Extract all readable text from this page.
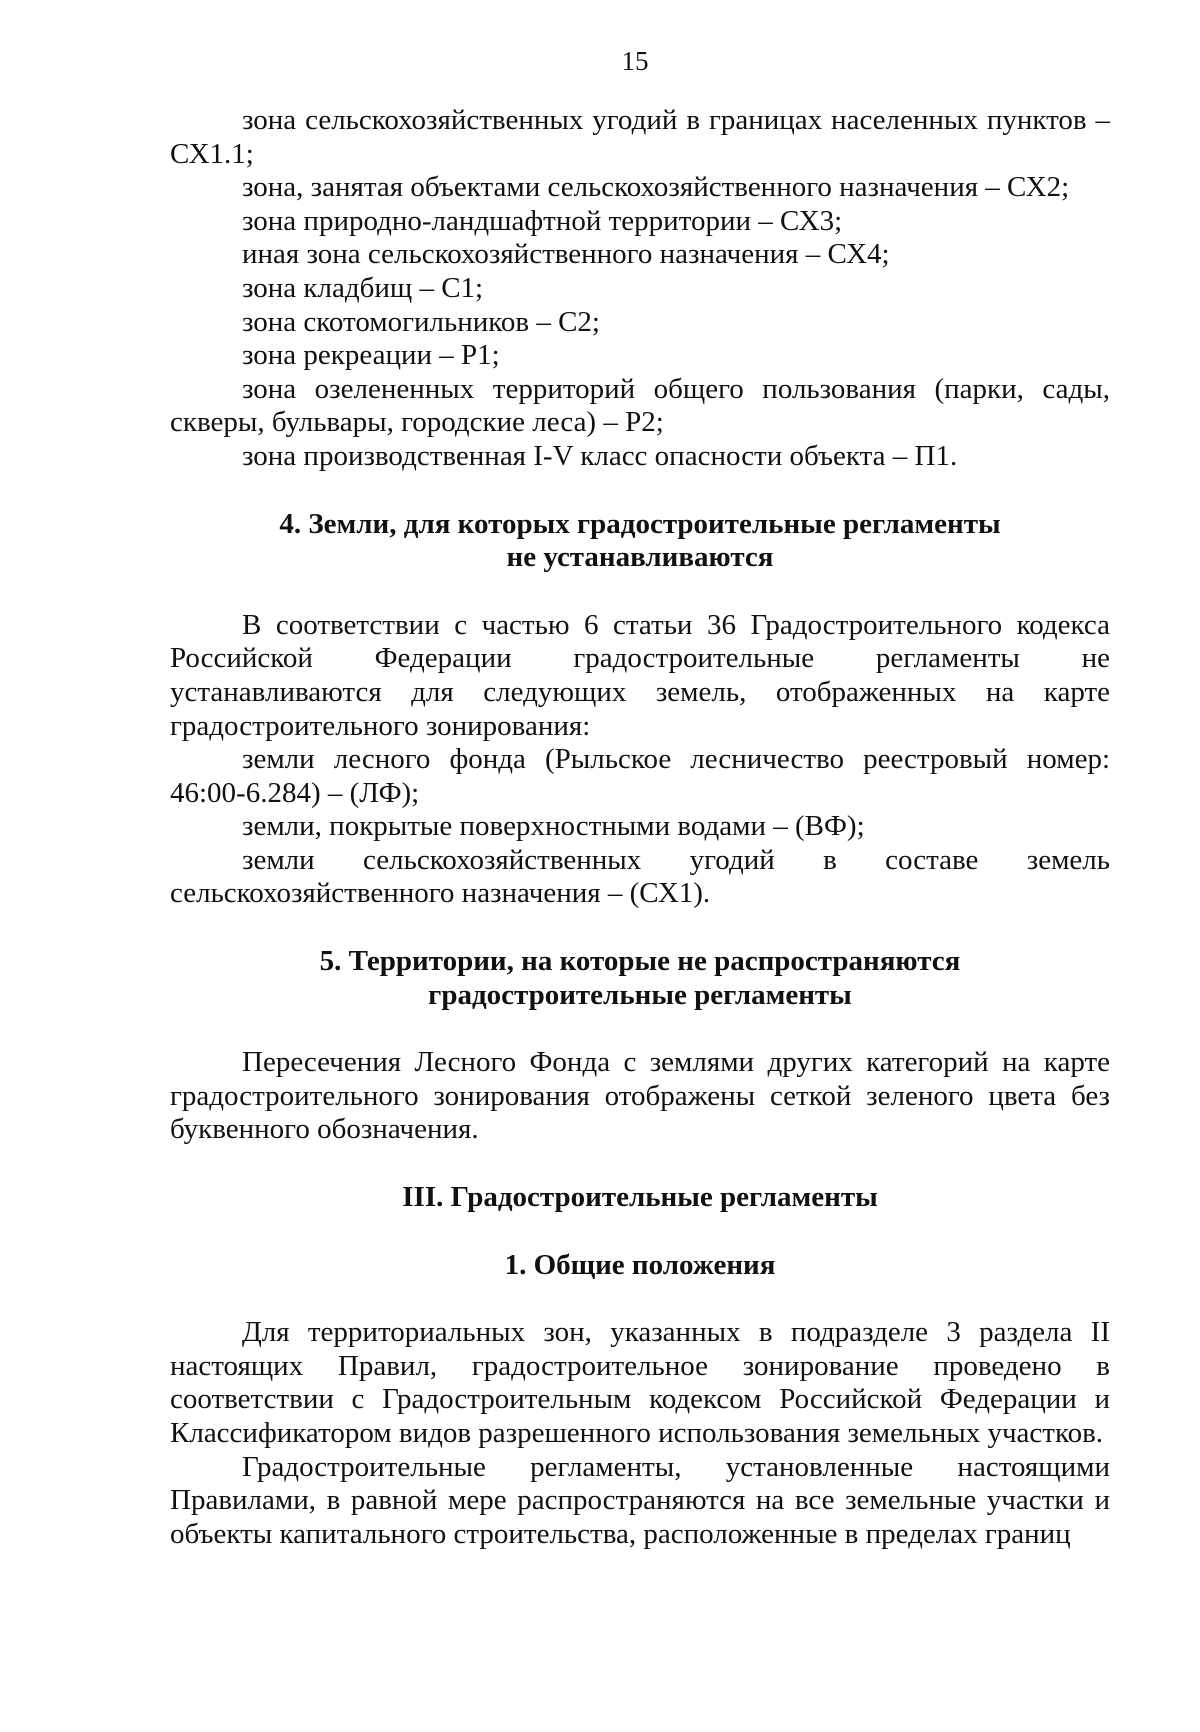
15

зона сельскохозяйственных угодий в границах населенных пунктов – СХ1.1;

зона, занятая объектами сельскохозяйственного назначения – СХ2;

зона природно-ландшафтной территории – СХ3;

иная зона сельскохозяйственного назначения – СХ4;

зона кладбищ – С1;

зона скотомогильников – С2;

зона рекреации – Р1;

зона озелененных территорий общего пользования (парки, сады, скверы, бульвары, городские леса) – Р2;

зона производственная I-V класс опасности объекта – П1.

4. Земли, для которых градостроительные регламенты

не устанавливаются

В соответствии с частью 6 статьи 36 Градостроительного кодекса Российской Федерации градостроительные регламенты не устанавливаются для следующих земель, отображенных на карте градостроительного зонирования:

земли лесного фонда (Рыльское лесничество реестровый номер: 46:00-6.284) – (ЛФ);

земли, покрытые поверхностными водами – (ВФ);

земли сельскохозяйственных угодий в составе земель сельскохозяйственного назначения – (СХ1).

5. Территории, на которые не распространяются

градостроительные регламенты

Пересечения Лесного Фонда с землями других категорий на карте градостроительного зонирования отображены сеткой зеленого цвета без буквенного обозначения.

III. Градостроительные регламенты

1. Общие положения

Для территориальных зон, указанных в подразделе 3 раздела II настоящих Правил, градостроительное зонирование проведено в соответствии с Градостроительным кодексом Российской Федерации и Классификатором видов разрешенного использования земельных участков.

Градостроительные регламенты, установленные настоящими Правилами, в равной мере распространяются на все земельные участки и объекты капитального строительства, расположенные в пределах границ
